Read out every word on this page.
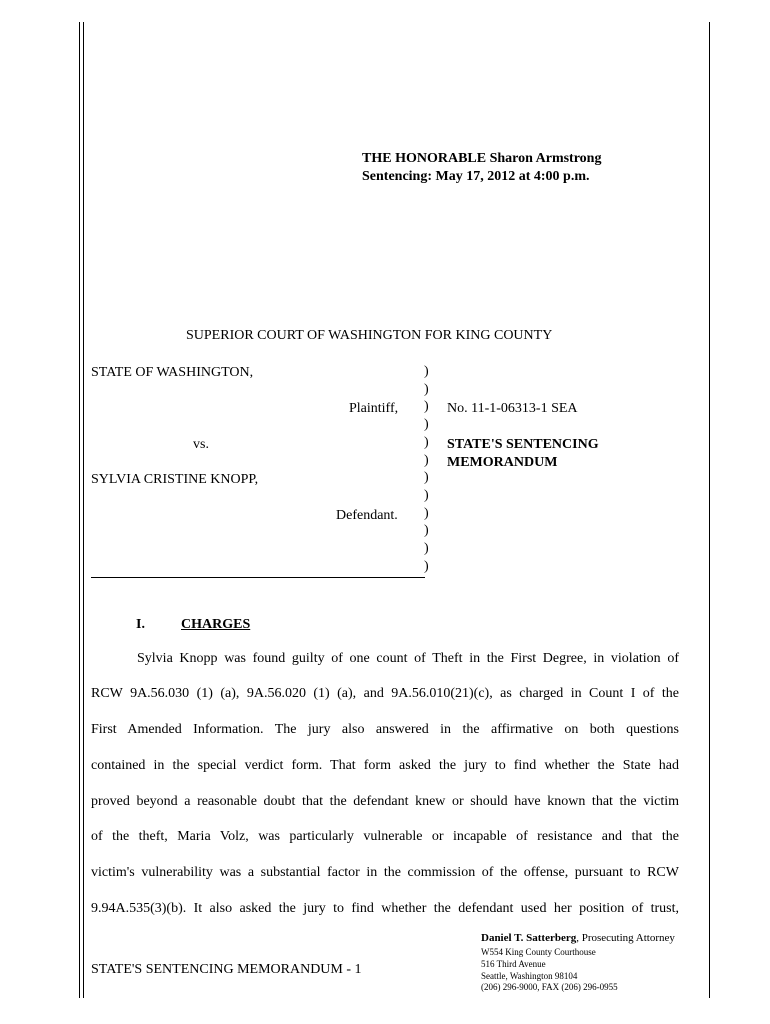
THE HONORABLE Sharon Armstrong
Sentencing: May 17, 2012 at 4:00 p.m.
SUPERIOR COURT OF WASHINGTON FOR KING COUNTY
STATE OF WASHINGTON,
Plaintiff,
vs.
SYLVIA CRISTINE KNOPP,
Defendant.
)
)
)
)
)
)
)
)
)
)
)
)
No. 11-1-06313-1 SEA
STATE'S SENTENCING
MEMORANDUM
I.	CHARGES
Sylvia Knopp was found guilty of one count of Theft in the First Degree, in violation of
RCW 9A.56.030 (1) (a), 9A.56.020 (1) (a), and 9A.56.010(21)(c), as charged in Count I of the
First Amended Information. The jury also answered in the affirmative on both questions
contained in the special verdict form. That form asked the jury to find whether the State had
proved beyond a reasonable doubt that the defendant knew or should have known that the victim
of the theft, Maria Volz, was particularly vulnerable or incapable of resistance and that the
victim's vulnerability was a substantial factor in the commission of the offense, pursuant to RCW
9.94A.535(3)(b). It also asked the jury to find whether the defendant used her position of trust,
STATE'S SENTENCING MEMORANDUM - 1
Daniel T. Satterberg, Prosecuting Attorney
W554 King County Courthouse
516 Third Avenue
Seattle, Washington 98104
(206) 296-9000, FAX (206) 296-0955
